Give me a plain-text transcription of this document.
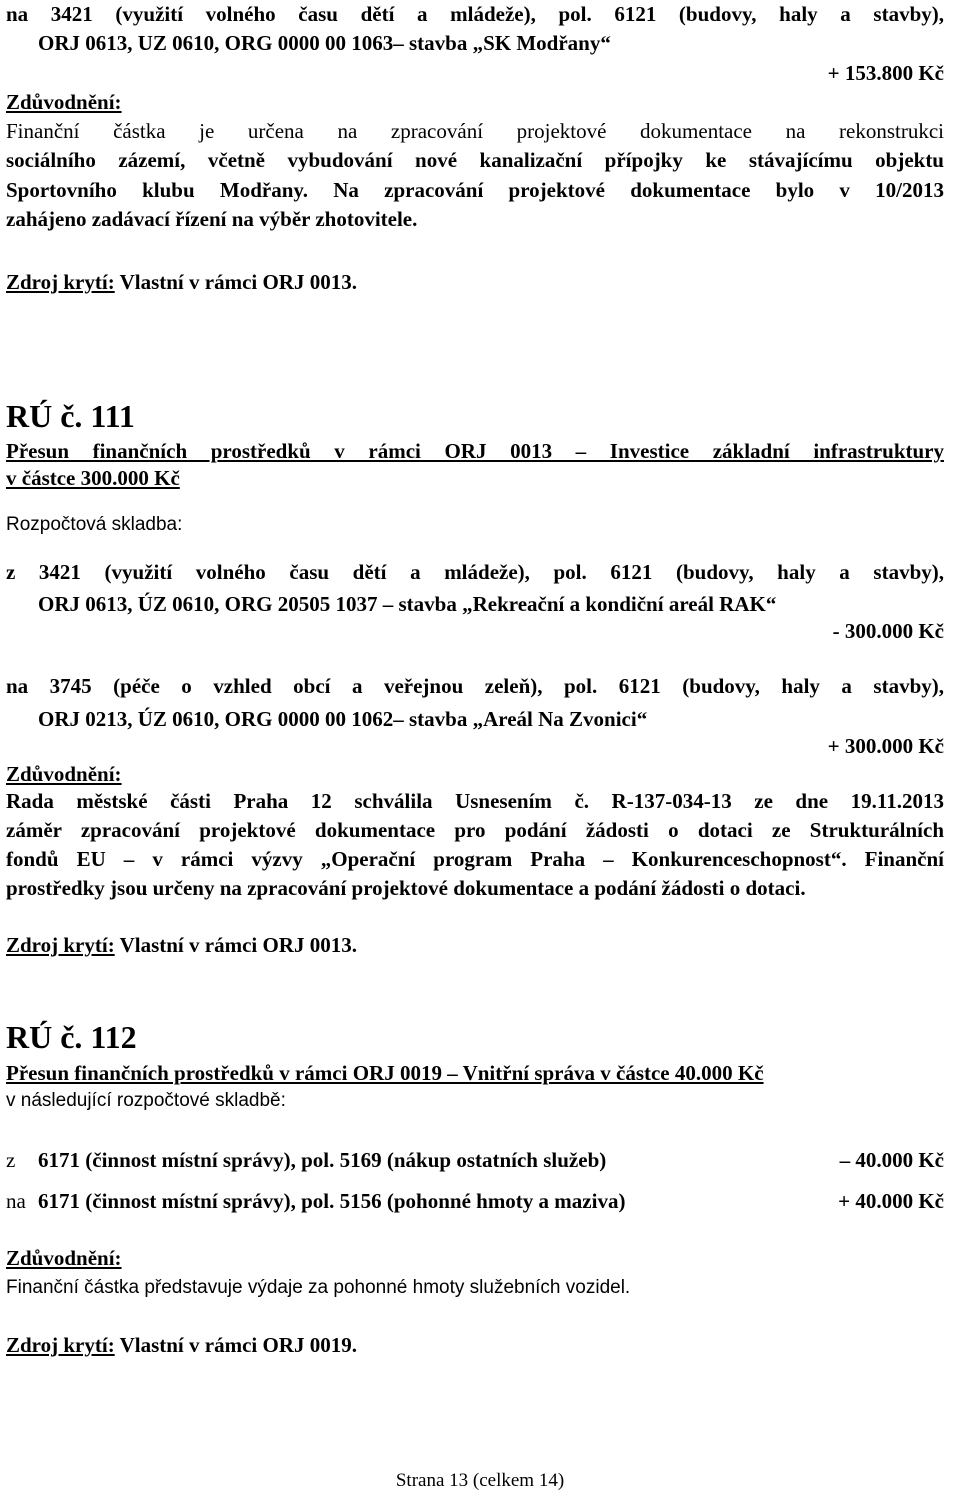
na 3421 (využití volného času dětí a mládeže), pol. 6121 (budovy, haly a stavby),
ORJ 0613, UZ 0610, ORG 0000 00 1063– stavba „SK Modřany“
+ 153.800 Kč
Zdůvodnění:
Finanční částka je určena na zpracování projektové dokumentace na rekonstrukci
sociálního zázemí, včetně vybudování nové kanalizační přípojky ke stávajícímu objektu
Sportovního klubu Modřany. Na zpracování projektové dokumentace bylo v 10/2013
zahájeno zadávací řízení na výběr zhotovitele.
Zdroj krytí: Vlastní v rámci ORJ 0013.
RÚ č. 111
Přesun finančních prostředků v rámci ORJ 0013 – Investice základní infrastruktury
v částce 300.000 Kč
Rozpočtová skladba:
z 3421 (využití volného času dětí a mládeže), pol. 6121 (budovy, haly a stavby),
ORJ 0613, ÚZ 0610, ORG 20505 1037 – stavba „Rekreační a kondiční areál RAK“
- 300.000 Kč
na 3745 (péče o vzhled obcí a veřejnou zeleň), pol. 6121 (budovy, haly a stavby),
ORJ 0213, ÚZ 0610, ORG 0000 00 1062– stavba „Areál Na Zvonici“
+ 300.000 Kč
Zdůvodnění:
Rada městské části Praha 12 schválila Usnesením č. R-137-034-13 ze dne 19.11.2013
záměr zpracování projektové dokumentace pro podání žádosti o dotaci ze Strukturálních
fondů EU – v rámci výzvy „Operační program Praha – Konkurenceschopnost“. Finanční
prostředky jsou určeny na zpracování projektové dokumentace a podání žádosti o dotaci.
Zdroj krytí: Vlastní v rámci ORJ 0013.
RÚ č. 112
Přesun finančních prostředků v rámci ORJ 0019 – Vnitřní správa v částce 40.000 Kč
v následující rozpočtové skladbě:
z	6171 (činnost místní správy), pol. 5169 (nákup ostatních služeb)	– 40.000 Kč
na 6171 (činnost místní správy), pol. 5156 (pohonné hmoty a maziva)	+ 40.000 Kč
Zdůvodnění:
Finanční částka představuje výdaje za pohonné hmoty služebních vozidel.
Zdroj krytí: Vlastní v rámci ORJ 0019.
Strana 13 (celkem 14)
